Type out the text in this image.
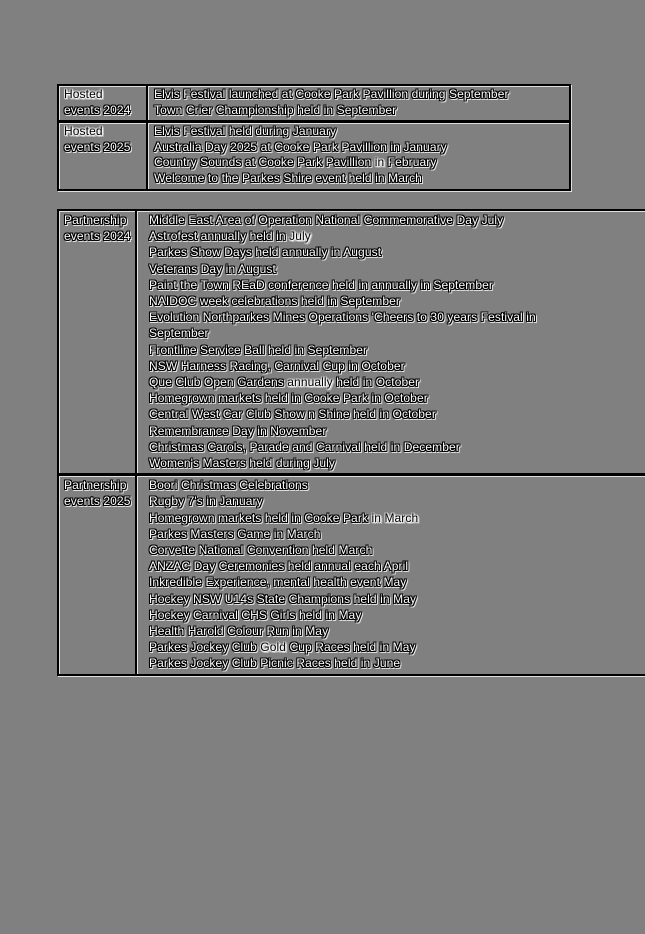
Hosted
events 2024
Elvis Festival launched at Cooke Park Pavillion during September
Town Crier Championship held in September
Hosted
events 2025
Elvis Festival held during January
Australia Day 2025 at Cooke Park Pavillion in January
Country Sounds at Cooke Park Pavillion in February
Welcome to the Parkes Shire event held in March
Partnership
events 2024
Middle East Area of Operation National Commemorative Day July
Astrofest annually held in July
Parkes Show Days held annually in August
Veterans Day in August
Paint the Town REaD conference held in annually in September
NAIDOC week celebrations held in September
Evolution Northparkes Mines Operations 'Cheers to 30 years Festival in
September
Frontline Service Ball held in September
NSW Harness Racing, Carnival Cup in October
Que Club Open Gardens annually held in October
Homegrown markets held in Cooke Park in October
Central West Car Club Show n Shine held in October
Remembrance Day in November
Christmas Carols, Parade and Carnival held in December
Women's Masters held during July
Partnership
events 2025
Boori Christmas Celebrations
Rugby 7's in January
Homegrown markets held in Cooke Park in March
Parkes Masters Game in March
Corvette National Convention held March
ANZAC Day Ceremonies held annual each April
Inkredible Experience, mental health event May
Hockey NSW U14s State Champions held in May
Hockey Carnival CHS Girls held in May
Health Harold Colour Run in May
Parkes Jockey Club Gold Cup Races held in May
Parkes Jockey Club Picnic Races held in June
